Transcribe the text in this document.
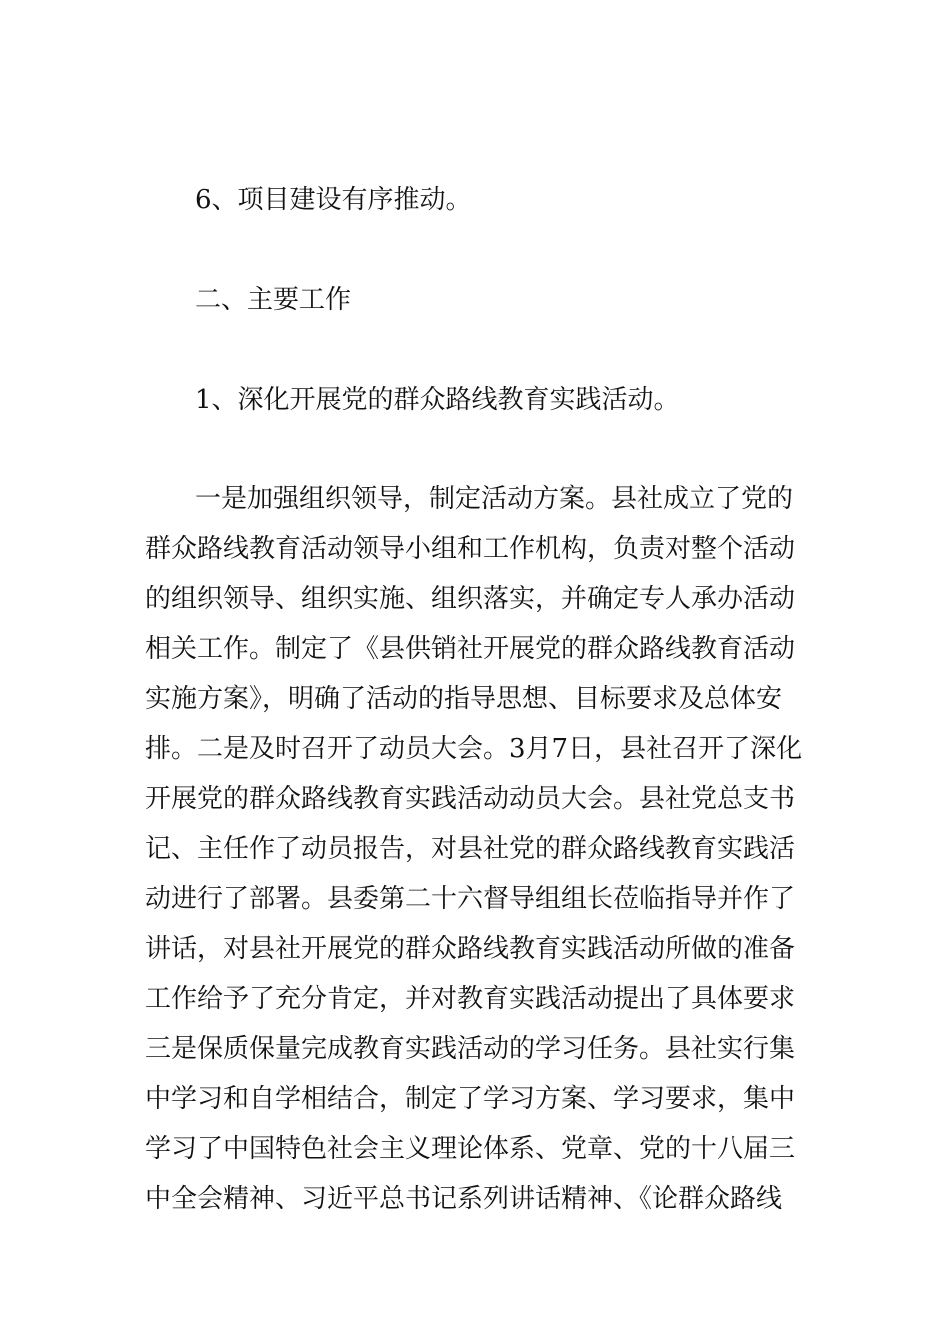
6、项目建设有序推动。
二、主要工作
1、深化开展党的群众路线教育实践活动。
一是加强组织领导，制定活动方案。县社成立了党的
群众路线教育活动领导小组和工作机构，负责对整个活动
的组织领导、组织实施、组织落实，并确定专人承办活动
相关工作。制定了《县供销社开展党的群众路线教育活动
实施方案》，明确了活动的指导思想、目标要求及总体安
排。二是及时召开了动员大会。3月7日，县社召开了深化
开展党的群众路线教育实践活动动员大会。县社党总支书
记、主任作了动员报告，对县社党的群众路线教育实践活
动进行了部署。县委第二十六督导组组长莅临指导并作了
讲话，对县社开展党的群众路线教育实践活动所做的准备
工作给予了充分肯定，并对教育实践活动提出了具体要求
三是保质保量完成教育实践活动的学习任务。县社实行集
中学习和自学相结合，制定了学习方案、学习要求，集中
学习了中国特色社会主义理论体系、党章、党的十八届三
中全会精神、习近平总书记系列讲话精神、《论群众路线
